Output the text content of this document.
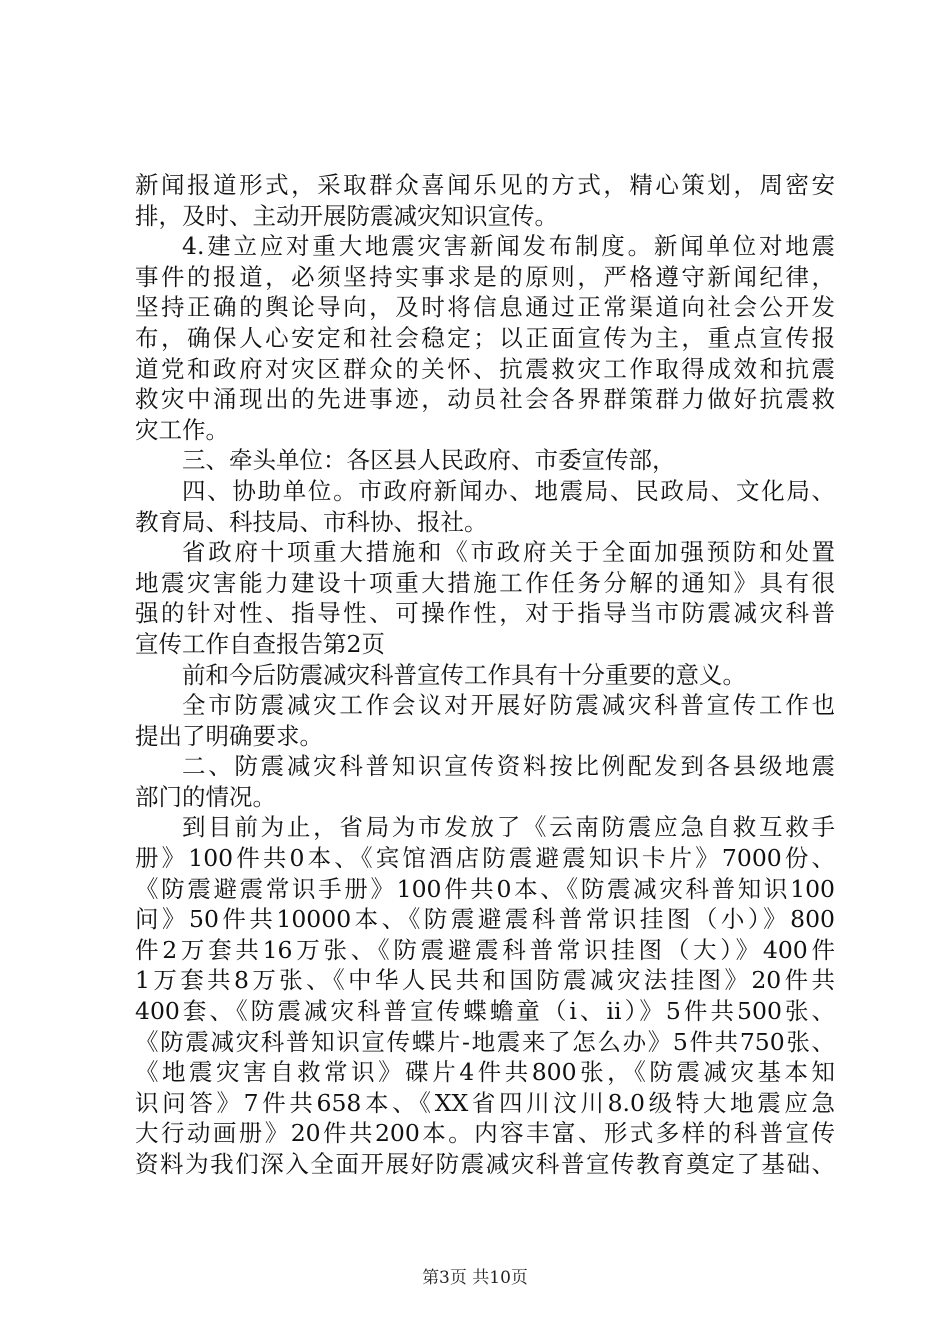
新闻报道形式，采取群众喜闻乐见的方式，精心策划，周密安
排，及时、主动开展防震减灾知识宣传。
4.建立应对重大地震灾害新闻发布制度。新闻单位对地震
事件的报道，必须坚持实事求是的原则，严格遵守新闻纪律，
坚持正确的舆论导向，及时将信息通过正常渠道向社会公开发
布，确保人心安定和社会稳定；以正面宣传为主，重点宣传报
道党和政府对灾区群众的关怀、抗震救灾工作取得成效和抗震
救灾中涌现出的先进事迹，动员社会各界群策群力做好抗震救
灾工作。
三、牵头单位：各区县人民政府、市委宣传部，
四、协助单位。市政府新闻办、地震局、民政局、文化局、
教育局、科技局、市科协、报社。
省政府十项重大措施和《市政府关于全面加强预防和处置
地震灾害能力建设十项重大措施工作任务分解的通知》具有很
强的针对性、指导性、可操作性，对于指导当市防震减灾科普
宣传工作自查报告第2页
前和今后防震减灾科普宣传工作具有十分重要的意义。
全市防震减灾工作会议对开展好防震减灾科普宣传工作也
提出了明确要求。
二、防震减灾科普知识宣传资料按比例配发到各县级地震
部门的情况。
到目前为止，省局为市发放了《云南防震应急自救互救手
册》100件共0本、《宾馆酒店防震避震知识卡片》7000份、
《防震避震常识手册》100件共0本、《防震减灾科普知识100
问》50件共10000本、《防震避震科普常识挂图（小）》800
件2万套共16万张、《防震避震科普常识挂图（大）》400件
1万套共8万张、《中华人民共和国防震减灾法挂图》20件共
400套、《防震减灾科普宣传蝶蟾童（ⅰ、ⅱ）》5件共500张、
《防震减灾科普知识宣传蝶片-地震来了怎么办》5件共750张、
《地震灾害自救常识》碟片4件共800张，《防震减灾基本知
识问答》7件共658本、《XX省四川汶川8.0级特大地震应急
大行动画册》20件共200本。内容丰富、形式多样的科普宣传
资料为我们深入全面开展好防震减灾科普宣传教育奠定了基础、
第3页 共10页
